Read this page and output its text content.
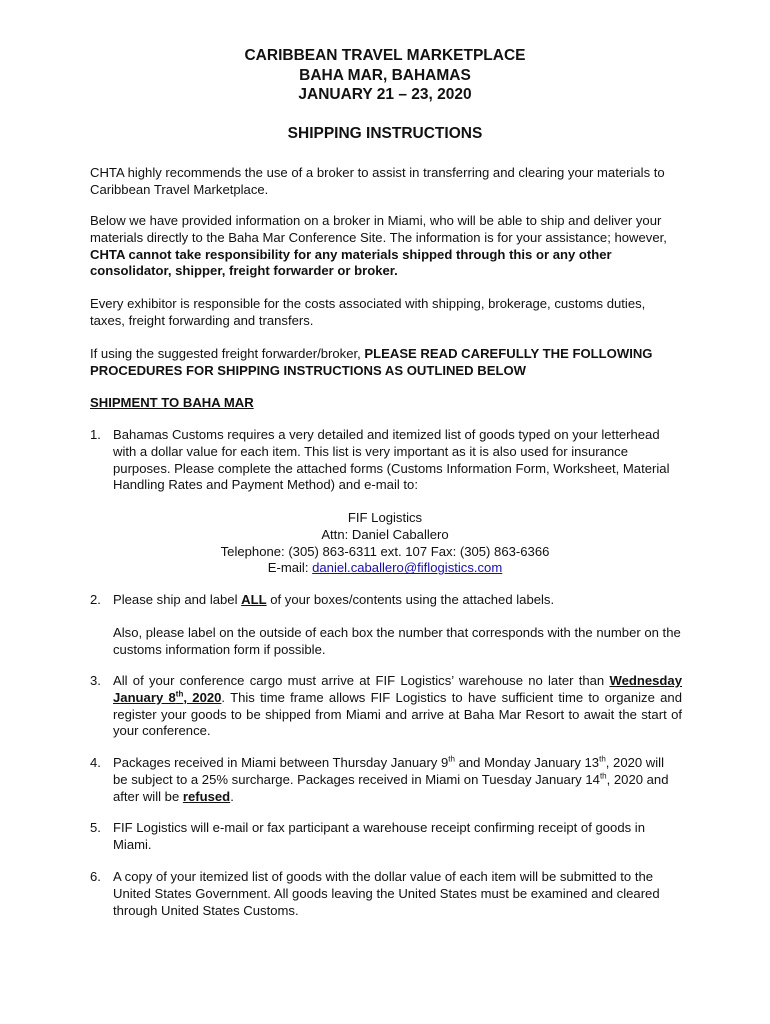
CARIBBEAN TRAVEL MARKETPLACE
BAHA MAR, BAHAMAS
JANUARY 21 – 23, 2020
SHIPPING INSTRUCTIONS

CHTA highly recommends the use of a broker to assist in transferring and clearing your materials to Caribbean Travel Marketplace.

Below we have provided information on a broker in Miami, who will be able to ship and deliver your materials directly to the Baha Mar Conference Site. The information is for your assistance; however, CHTA cannot take responsibility for any materials shipped through this or any other consolidator, shipper, freight forwarder or broker.

Every exhibitor is responsible for the costs associated with shipping, brokerage, customs duties, taxes, freight forwarding and transfers.

If using the suggested freight forwarder/broker, PLEASE READ CAREFULLY THE FOLLOWING PROCEDURES FOR SHIPPING INSTRUCTIONS AS OUTLINED BELOW

SHIPMENT TO BAHA MAR
1. Bahamas Customs requires a very detailed and itemized list of goods typed on your letterhead with a dollar value for each item. This list is very important as it is also used for insurance purposes. Please complete the attached forms (Customs Information Form, Worksheet, Material Handling Rates and Payment Method) and e-mail to:
FIF Logistics
Attn: Daniel Caballero
Telephone: (305) 863-6311 ext. 107 Fax: (305) 863-6366
E-mail: daniel.caballero@fiflogistics.com
2. Please ship and label ALL of your boxes/contents using the attached labels.
Also, please label on the outside of each box the number that corresponds with the number on the customs information form if possible.
3. All of your conference cargo must arrive at FIF Logistics’ warehouse no later than Wednesday January 8th, 2020. This time frame allows FIF Logistics to have sufficient time to organize and register your goods to be shipped from Miami and arrive at Baha Mar Resort to await the start of your conference.
4. Packages received in Miami between Thursday January 9th and Monday January 13th, 2020 will be subject to a 25% surcharge. Packages received in Miami on Tuesday January 14th, 2020 and after will be refused.
5. FIF Logistics will e-mail or fax participant a warehouse receipt confirming receipt of goods in Miami.
6. A copy of your itemized list of goods with the dollar value of each item will be submitted to the United States Government. All goods leaving the United States must be examined and cleared through United States Customs.
